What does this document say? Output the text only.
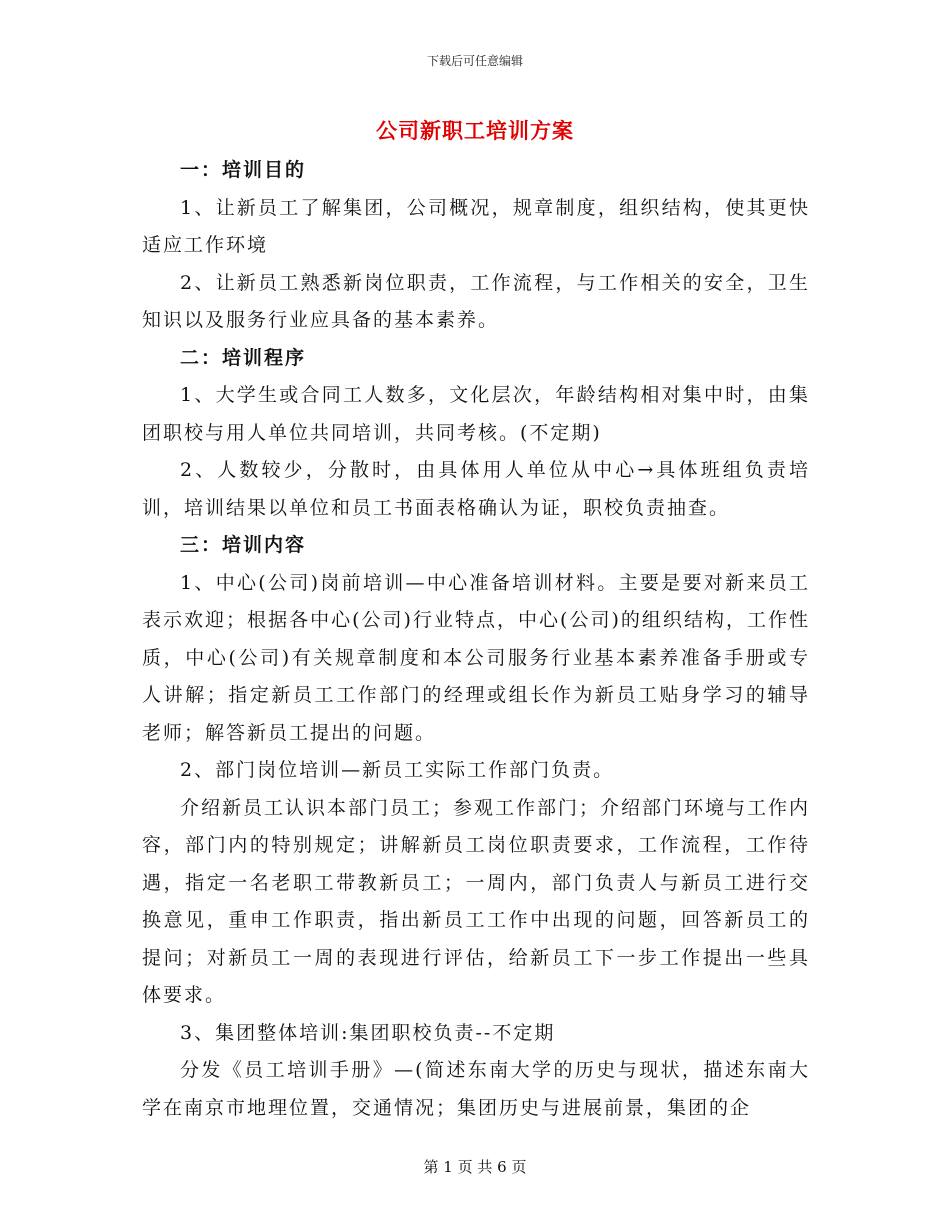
下载后可任意编辑
公司新职工培训方案

一：培训目的

1、让新员工了解集团，公司概况，规章制度，组织结构，使其更快适应工作环境

2、让新员工熟悉新岗位职责，工作流程，与工作相关的安全，卫生知识以及服务行业应具备的基本素养。

二：培训程序

1、大学生或合同工人数多，文化层次，年龄结构相对集中时，由集团职校与用人单位共同培训，共同考核。(不定期)

2、人数较少，分散时，由具体用人单位从中心→具体班组负责培训，培训结果以单位和员工书面表格确认为证，职校负责抽查。

三：培训内容

1、中心(公司)岗前培训—中心准备培训材料。主要是要对新来员工表示欢迎；根据各中心(公司)行业特点，中心(公司)的组织结构，工作性质，中心(公司)有关规章制度和本公司服务行业基本素养准备手册或专人讲解；指定新员工工作部门的经理或组长作为新员工贴身学习的辅导老师；解答新员工提出的问题。

2、部门岗位培训—新员工实际工作部门负责。

介绍新员工认识本部门员工；参观工作部门；介绍部门环境与工作内容，部门内的特别规定；讲解新员工岗位职责要求，工作流程，工作待遇，指定一名老职工带教新员工；一周内，部门负责人与新员工进行交换意见，重申工作职责，指出新员工工作中出现的问题，回答新员工的提问；对新员工一周的表现进行评估，给新员工下一步工作提出一些具体要求。

3、集团整体培训:集团职校负责--不定期

分发《员工培训手册》—(简述东南大学的历史与现状，描述东南大学在南京市地理位置，交通情况；集团历史与进展前景，集团的企

第 1 页 共 6 页
